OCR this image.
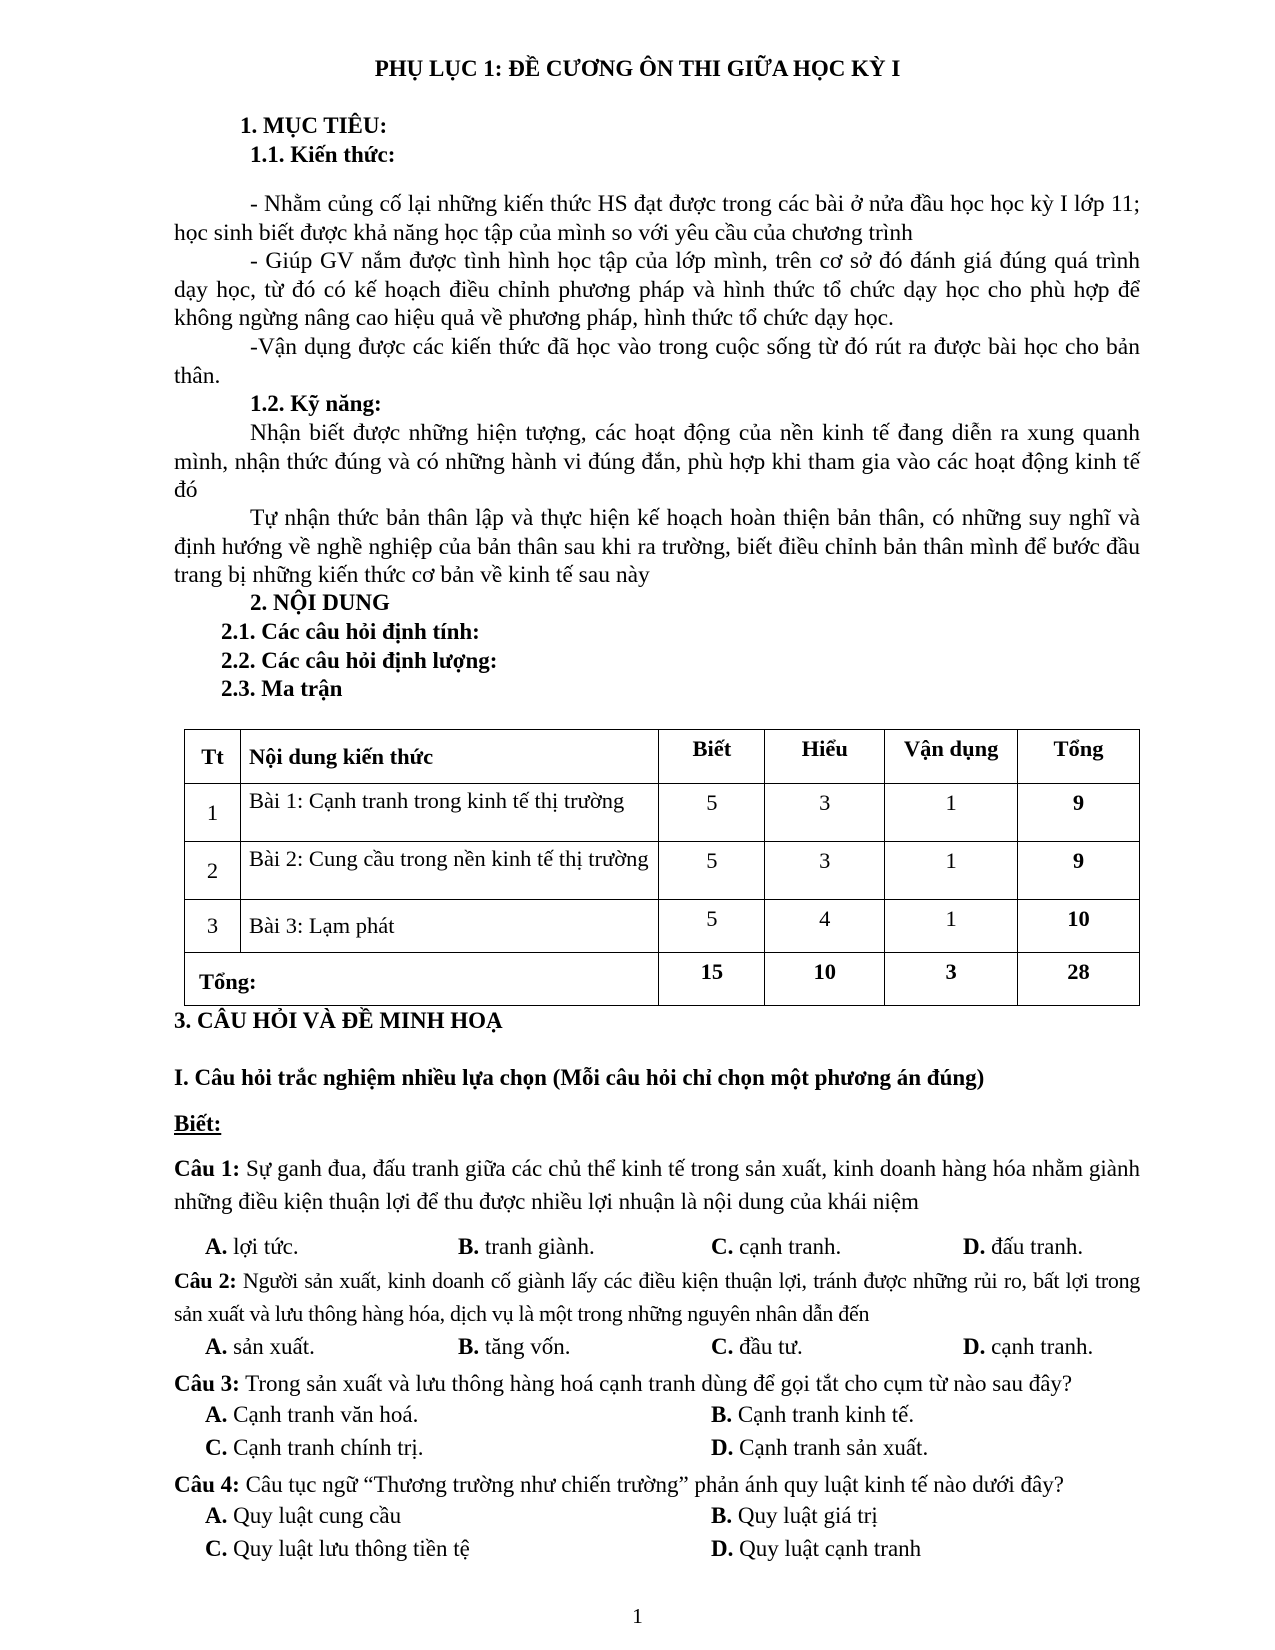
PHỤ LỤC 1: ĐỀ CƯƠNG ÔN THI GIỮA HỌC KỲ I
1. MỤC TIÊU:
1.1. Kiến thức:
- Nhằm củng cố lại những kiến thức HS đạt được trong các bài ở nửa đầu học học kỳ I lớp 11; học sinh biết được khả năng học tập của mình so với yêu cầu của chương trình
- Giúp GV nắm được tình hình học tập của lớp mình, trên cơ sở đó đánh giá đúng quá trình dạy học, từ đó có kế hoạch điều chỉnh phương pháp và hình thức tổ chức dạy học cho phù hợp để không ngừng nâng cao hiệu quả về phương pháp, hình thức tổ chức dạy học.
-Vận dụng được các kiến thức đã học vào trong cuộc sống từ đó rút ra được bài học cho bản thân.
1.2. Kỹ năng:
Nhận biết được những hiện tượng, các hoạt động của nền kinh tế đang diễn ra xung quanh mình, nhận thức đúng và có những hành vi đúng đắn, phù hợp khi tham gia vào các hoạt động kinh tế đó
Tự nhận thức bản thân lập và thực hiện kế hoạch hoàn thiện bản thân, có những suy nghĩ và định hướng về nghề nghiệp của bản thân sau khi ra trường, biết điều chỉnh bản thân mình để bước đầu trang bị những kiến thức cơ bản về kinh tế sau này
2. NỘI DUNG
2.1. Các câu hỏi định tính:
2.2. Các câu hỏi định lượng:
2.3. Ma trận
Tt	Nội dung kiến thức	Biết	Hiểu	Vận dụng	Tổng
1	Bài 1: Cạnh tranh trong kinh tế thị trường	5	3	1	9
2	Bài 2: Cung cầu trong nền kinh tế thị trường	5	3	1	9
3	Bài 3: Lạm phát	5	4	1	10
Tổng:		15	10	3	28
3. CÂU HỎI VÀ ĐỀ MINH HOẠ
I. Câu hỏi trắc nghiệm nhiều lựa chọn (Mỗi câu hỏi chỉ chọn một phương án đúng)
Biết:
Câu 1: Sự ganh đua, đấu tranh giữa các chủ thể kinh tế trong sản xuất, kinh doanh hàng hóa nhằm giành những điều kiện thuận lợi để thu được nhiều lợi nhuận là nội dung của khái niệm
A. lợi tức.	B. tranh giành.	C. cạnh tranh.	D. đấu tranh.
Câu 2: Người sản xuất, kinh doanh cố giành lấy các điều kiện thuận lợi, tránh được những rủi ro, bất lợi trong sản xuất và lưu thông hàng hóa, dịch vụ là một trong những nguyên nhân dẫn đến
A. sản xuất.	B. tăng vốn.	C. đầu tư.	D. cạnh tranh.
Câu 3: Trong sản xuất và lưu thông hàng hoá cạnh tranh dùng để gọi tắt cho cụm từ nào sau đây?
A. Cạnh tranh văn hoá.	B. Cạnh tranh kinh tế.
C. Cạnh tranh chính trị.	D. Cạnh tranh sản xuất.
Câu 4: Câu tục ngữ “Thương trường như chiến trường” phản ánh quy luật kinh tế nào dưới đây?
A. Quy luật cung cầu	B. Quy luật giá trị
C. Quy luật lưu thông tiền tệ	D. Quy luật cạnh tranh
1
